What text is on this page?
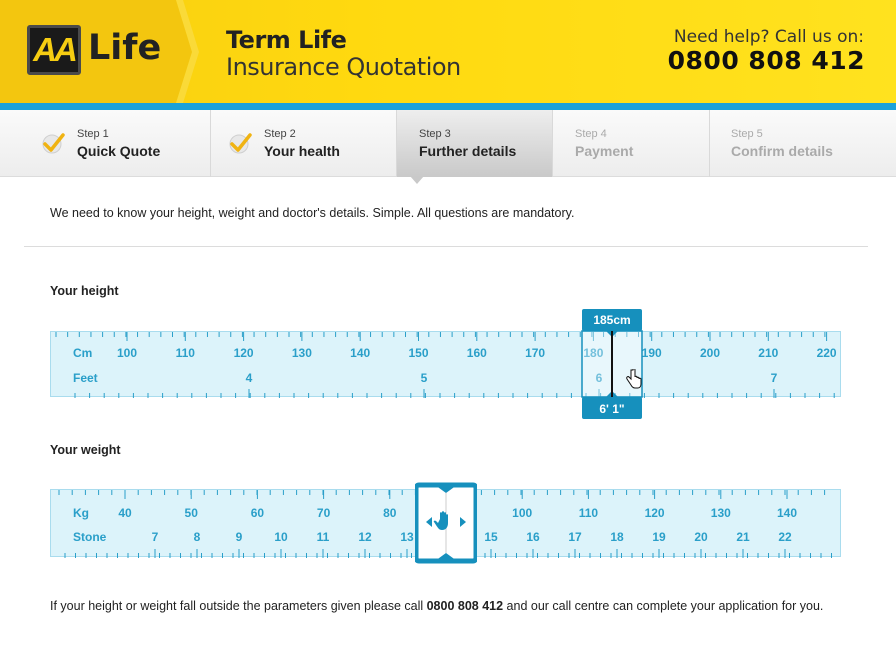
AA Life	Term Life
Insurance Quotation
Need help? Call us on:
0800 808 412
Step 1
Quick Quote
Step 2
Your health
Step 3
Further details
Step 4
Payment
Step 5
Confirm details
We need to know your height, weight and doctor's details. Simple. All questions are mandatory.
Your height
Cm
Feet
100	110	120	130	140	150	160	170	180	190	200	210	220
4	5	6	7
185cm
6' 1"
Your weight
Kg
Stone
40	50	60	70	80	100	110	120	130	140
7	8	9	10 11 12 13	15 16 17 18 19 20 21 22
If your height or weight fall outside the parameters given please call 0800 808 412 and our call centre can complete your application for you.
